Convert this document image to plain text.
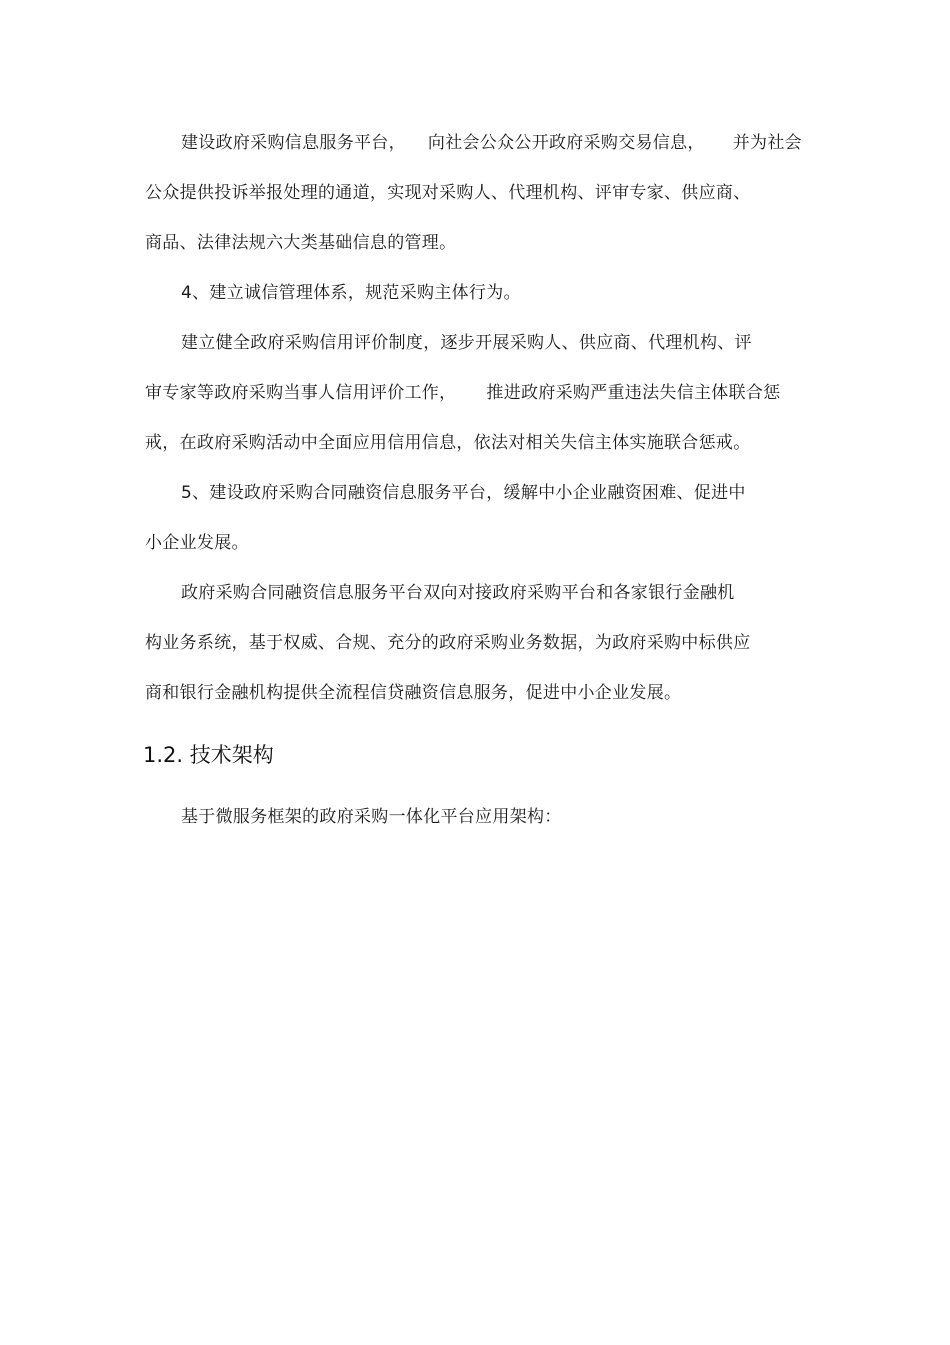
建设政府采购信息服务平台， 向社会公众公开政府采购交易信息， 并为社会
公众提供投诉举报处理的通道，实现对采购人、代理机构、评审专家、供应商、
商品、法律法规六大类基础信息的管理。
4、建立诚信管理体系，规范采购主体行为。
建立健全政府采购信用评价制度，逐步开展采购人、供应商、代理机构、评
审专家等政府采购当事人信用评价工作， 推进政府采购严重违法失信主体联合惩
戒，在政府采购活动中全面应用信用信息，依法对相关失信主体实施联合惩戒。
5、建设政府采购合同融资信息服务平台，缓解中小企业融资困难、促进中
小企业发展。
政府采购合同融资信息服务平台双向对接政府采购平台和各家银行金融机
构业务系统，基于权威、合规、充分的政府采购业务数据，为政府采购中标供应
商和银行金融机构提供全流程信贷融资信息服务，促进中小企业发展。
1.2. 技术架构
基于微服务框架的政府采购一体化平台应用架构：
